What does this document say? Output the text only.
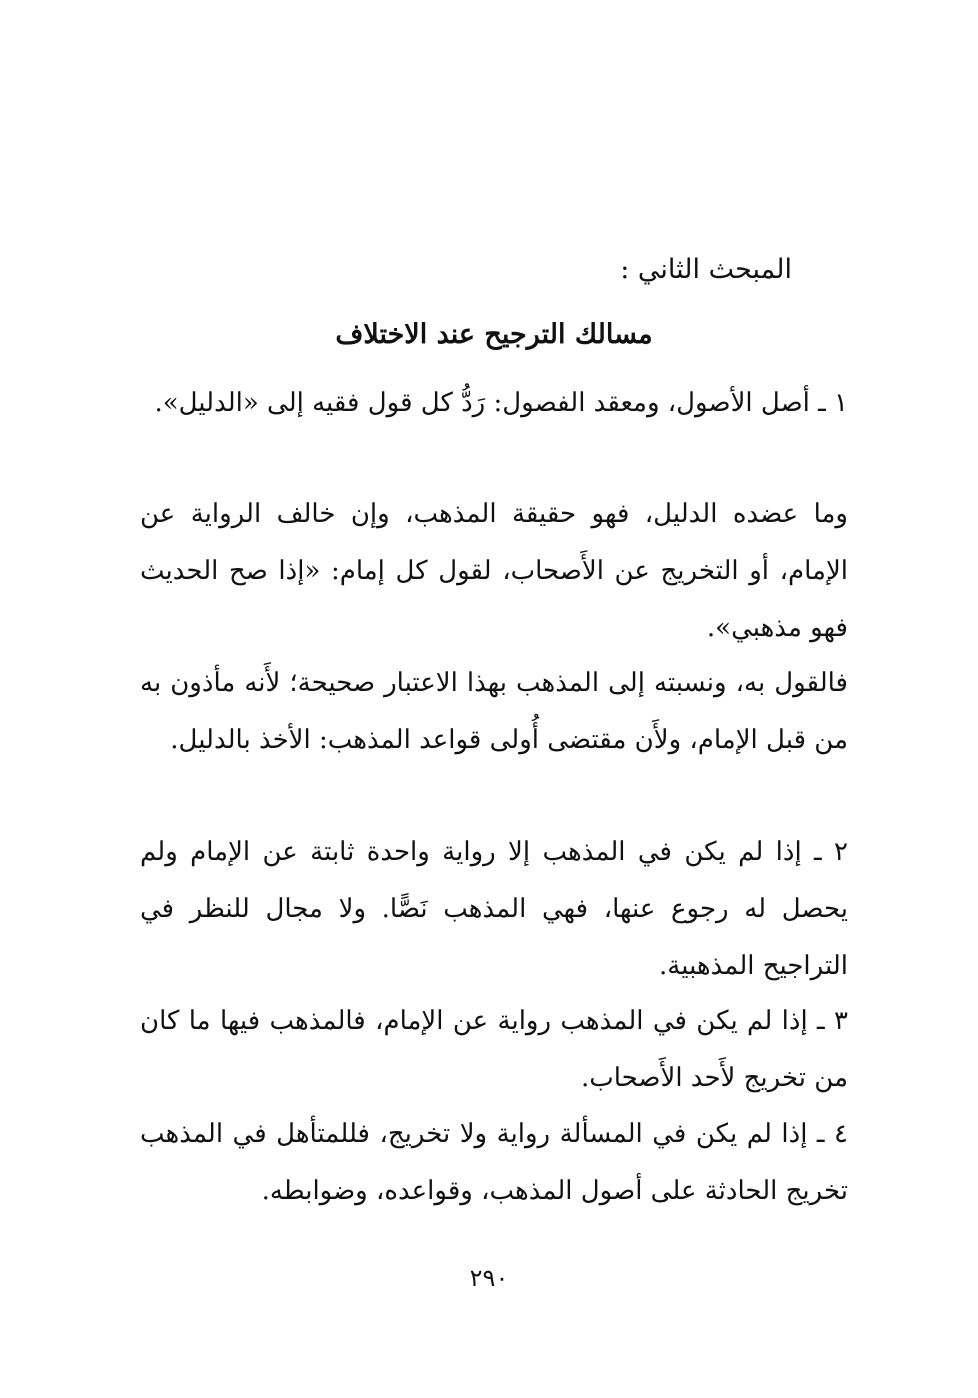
المبحث الثاني :
مسالك الترجيح عند الاختلاف

١ ـ أصل الأصول، ومعقد الفصول: رَدُّ كل قول فقيه إلى «الدليل».

وما عضده الدليل، فهو حقيقة المذهب، وإن خالف الرواية عن الإمام، أو التخريج عن الأَصحاب، لقول كل إمام: «إذا صح الحديث فهو مذهبي».

فالقول به، ونسبته إلى المذهب بهذا الاعتبار صحيحة؛ لأَنه مأذون به من قبل الإمام، ولأَن مقتضى أُولى قواعد المذهب: الأخذ بالدليل.

٢ ـ إذا لم يكن في المذهب إلا رواية واحدة ثابتة عن الإمام ولم يحصل له رجوع عنها، فهي المذهب نَصًّا. ولا مجال للنظر في التراجيح المذهبية.

٣ ـ إذا لم يكن في المذهب رواية عن الإمام، فالمذهب فيها ما كان من تخريج لأَحد الأَصحاب.

٤ ـ إذا لم يكن في المسألة رواية ولا تخريج، فللمتأهل في المذهب تخريج الحادثة على أصول المذهب، وقواعده، وضوابطه.

٢٩٠
